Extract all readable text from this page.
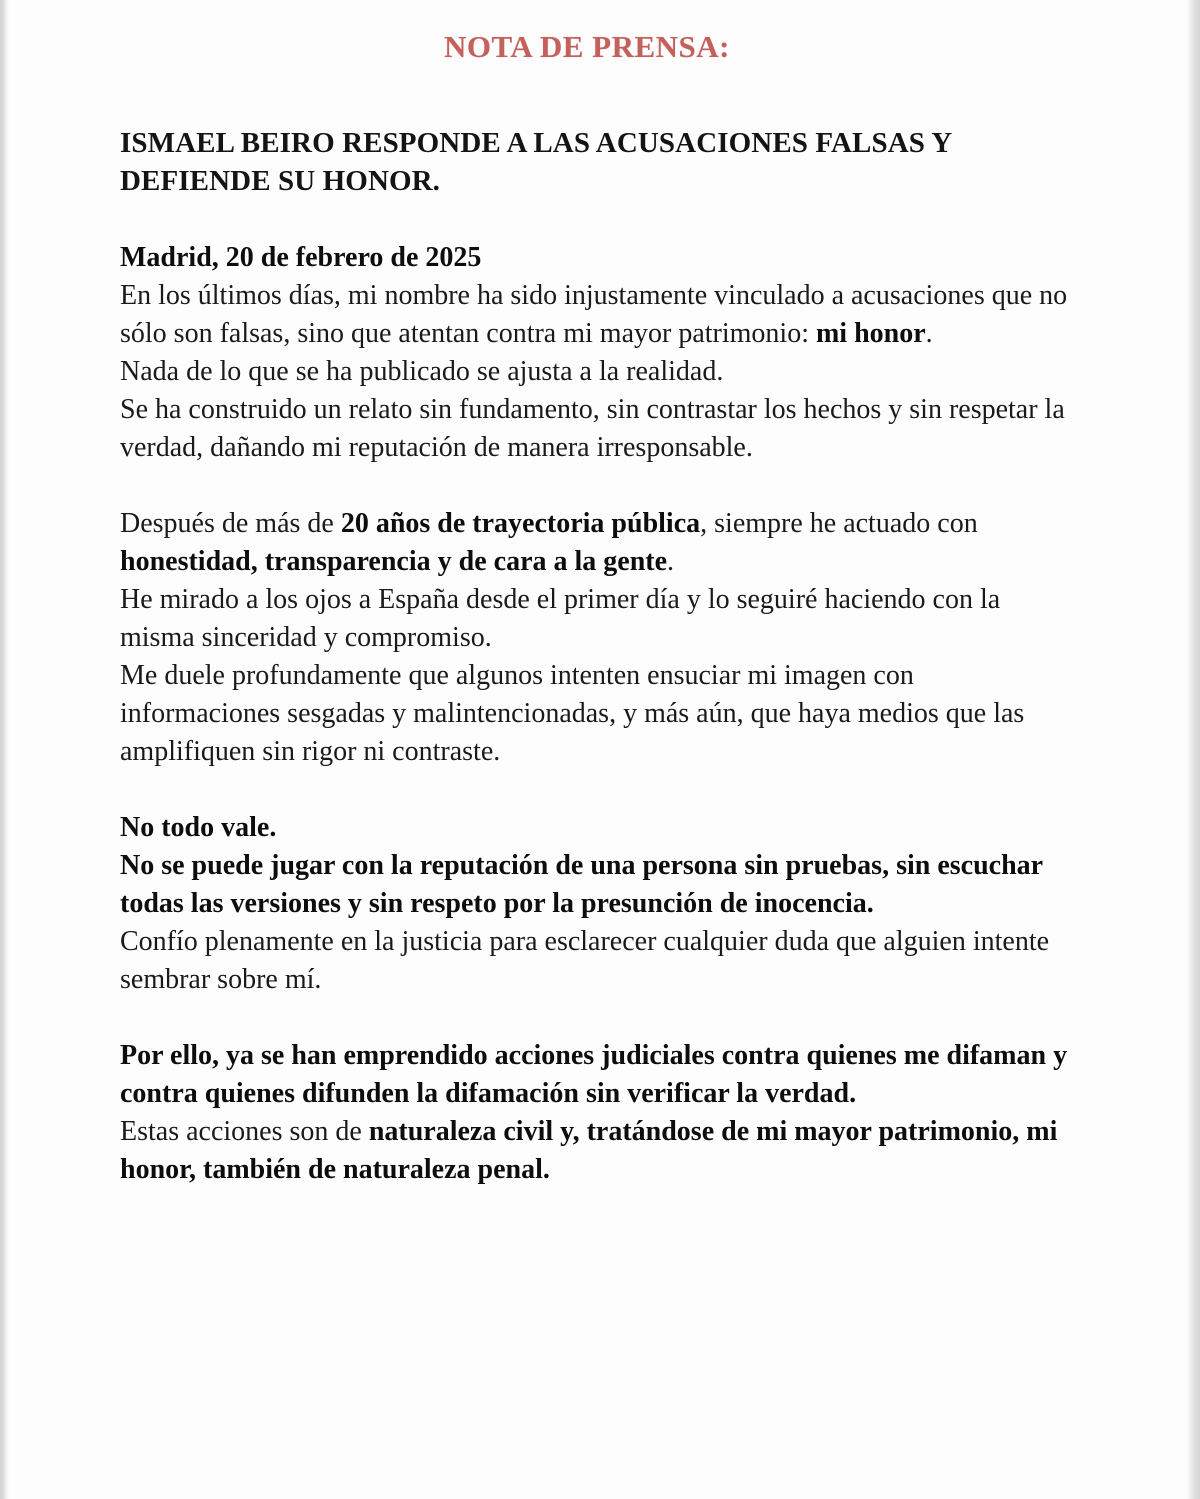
NOTA DE PRENSA:
ISMAEL BEIRO RESPONDE A LAS ACUSACIONES FALSAS Y DEFIENDE SU HONOR.
Madrid, 20 de febrero de 2025
En los últimos días, mi nombre ha sido injustamente vinculado a acusaciones que no sólo son falsas, sino que atentan contra mi mayor patrimonio: mi honor.
Nada de lo que se ha publicado se ajusta a la realidad.
Se ha construido un relato sin fundamento, sin contrastar los hechos y sin respetar la verdad, dañando mi reputación de manera irresponsable.
Después de más de 20 años de trayectoria pública, siempre he actuado con honestidad, transparencia y de cara a la gente.
He mirado a los ojos a España desde el primer día y lo seguiré haciendo con la misma sinceridad y compromiso.
Me duele profundamente que algunos intenten ensuciar mi imagen con informaciones sesgadas y malintencionadas, y más aún, que haya medios que las amplifiquen sin rigor ni contraste.
No todo vale.
No se puede jugar con la reputación de una persona sin pruebas, sin escuchar todas las versiones y sin respeto por la presunción de inocencia.
Confío plenamente en la justicia para esclarecer cualquier duda que alguien intente sembrar sobre mí.
Por ello, ya se han emprendido acciones judiciales contra quienes me difaman y contra quienes difunden la difamación sin verificar la verdad.
Estas acciones son de naturaleza civil y, tratándose de mi mayor patrimonio, mi honor, también de naturaleza penal.
